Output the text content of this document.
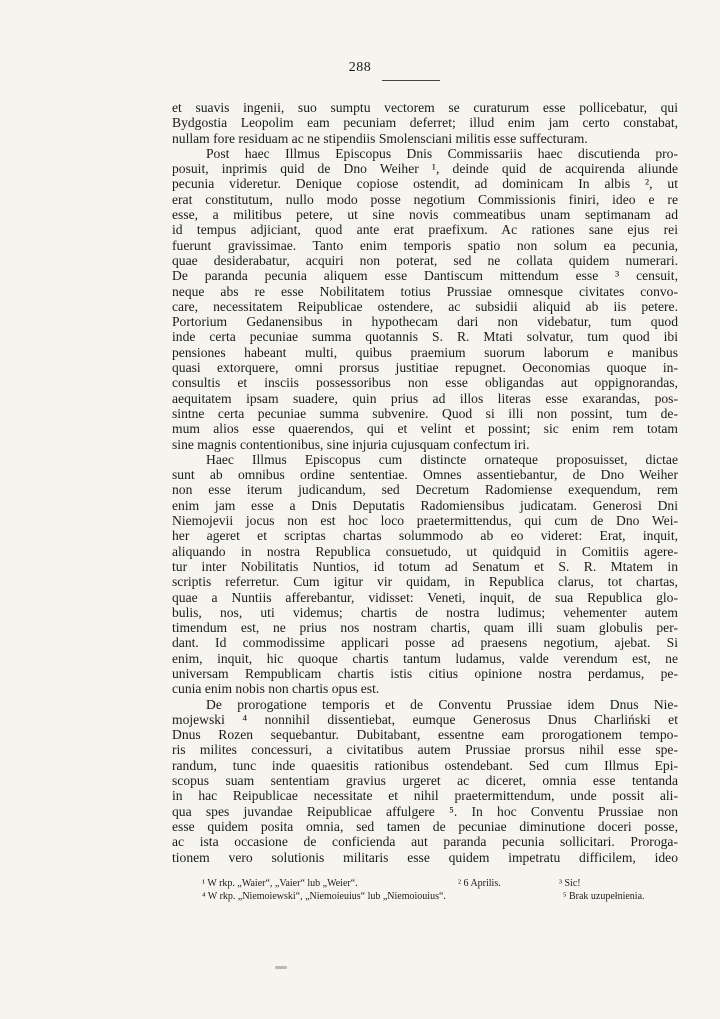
288
et suavis ingenii, suo sumptu vectorem se curaturum esse pollicebatur, qui
Bydgostia Leopolim eam pecuniam deferret; illud enim jam certo constabat,
nullam fore residuam ac ne stipendiis Smolensciani militis esse suffecturam.
Post haec Illmus Episcopus Dnis Commissariis haec discutienda pro-
posuit, inprimis quid de Dno Weiher ¹, deinde quid de acquirenda aliunde
pecunia videretur. Denique copiose ostendit, ad dominicam In albis ², ut
erat constitutum, nullo modo posse negotium Commissionis finiri, ideo e re
esse, a militibus petere, ut sine novis commeatibus unam septimanam ad
id tempus adjiciant, quod ante erat praefixum. Ac rationes sane ejus rei
fuerunt gravissimae. Tanto enim temporis spatio non solum ea pecunia,
quae desiderabatur, acquiri non poterat, sed ne collata quidem numerari.
De paranda pecunia aliquem esse Dantiscum mittendum esse ³ censuit,
neque abs re esse Nobilitatem totius Prussiae omnesque civitates convo-
care, necessitatem Reipublicae ostendere, ac subsidii aliquid ab iis petere.
Portorium Gedanensibus in hypothecam dari non videbatur, tum quod
inde certa pecuniae summa quotannis S. R. Mtati solvatur, tum quod ibi
pensiones habeant multi, quibus praemium suorum laborum e manibus
quasi extorquere, omni prorsus justitiae repugnet. Oeconomias quoque in-
consultis et insciis possessoribus non esse obligandas aut oppignorandas,
aequitatem ipsam suadere, quin prius ad illos literas esse exarandas, pos-
sintne certa pecuniae summa subvenire. Quod si illi non possint, tum de-
mum alios esse quaerendos, qui et velint et possint; sic enim rem totam
sine magnis contentionibus, sine injuria cujusquam confectum iri.
Haec Illmus Episcopus cum distincte ornateque proposuisset, dictae
sunt ab omnibus ordine sententiae. Omnes assentiebantur, de Dno Weiher
non esse iterum judicandum, sed Decretum Radomiense exequendum, rem
enim jam esse a Dnis Deputatis Radomiensibus judicatam. Generosi Dni
Niemojevii jocus non est hoc loco praetermittendus, qui cum de Dno Wei-
her ageret et scriptas chartas solummodo ab eo videret: Erat, inquit,
aliquando in nostra Republica consuetudo, ut quidquid in Comitiis agere-
tur inter Nobilitatis Nuntios, id totum ad Senatum et S. R. Mtatem in
scriptis referretur. Cum igitur vir quidam, in Republica clarus, tot chartas,
quae a Nuntiis afferebantur, vidisset: Veneti, inquit, de sua Republica glo-
bulis, nos, uti videmus; chartis de nostra ludimus; vehementer autem
timendum est, ne prius nos nostram chartis, quam illi suam globulis per-
dant. Id commodissime applicari posse ad praesens negotium, ajebat. Si
enim, inquit, hic quoque chartis tantum ludamus, valde verendum est, ne
universam Rempublicam chartis istis citius opinione nostra perdamus, pe-
cunia enim nobis non chartis opus est.
De prorogatione temporis et de Conventu Prussiae idem Dnus Nie-
mojewski ⁴ nonnihil dissentiebat, eumque Generosus Dnus Charliński et
Dnus Rozen sequebantur. Dubitabant, essentne eam prorogationem tempo-
ris milites concessuri, a civitatibus autem Prussiae prorsus nihil esse spe-
randum, tunc inde quaesitis rationibus ostendebant. Sed cum Illmus Epi-
scopus suam sententiam gravius urgeret ac diceret, omnia esse tentanda
in hac Reipublicae necessitate et nihil praetermittendum, unde possit ali-
qua spes juvandae Reipublicae affulgere ⁵. In hoc Conventu Prussiae non
esse quidem posita omnia, sed tamen de pecuniae diminutione doceri posse,
ac ista occasione de conficienda aut paranda pecunia sollicitari. Proroga-
tionem vero solutionis militaris esse quidem impetratu difficilem, ideo
¹ W rkp. „Waier“, „Vaier“ lub „Weier“.	² 6 Aprilis.	³ Sic!
⁴ W rkp. „Niemoiewski“, „Niemoieuius“ lub „Niemoiouius“.	⁵ Brak uzupełnienia.
